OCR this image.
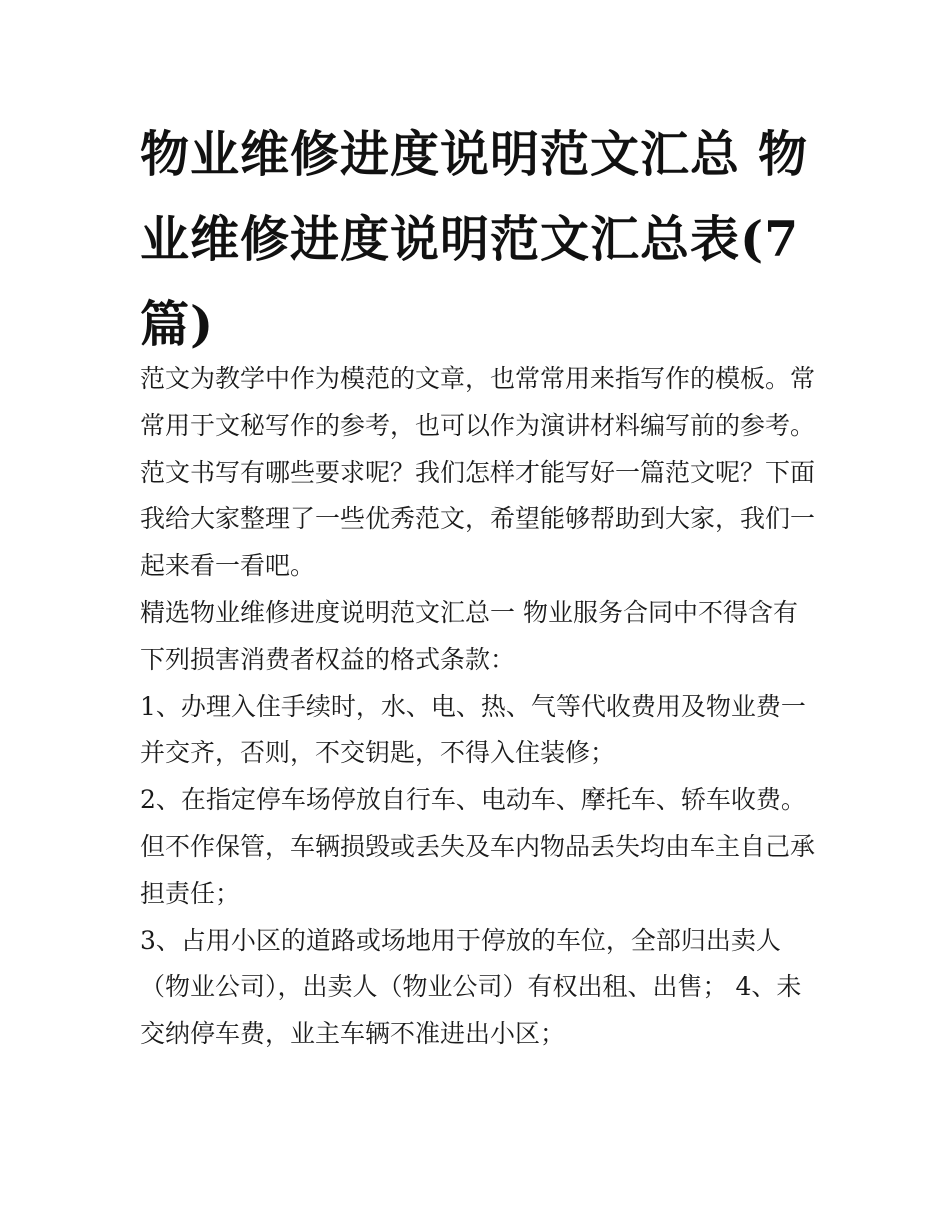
物业维修进度说明范文汇总 物
业维修进度说明范文汇总表(7
篇)

范文为教学中作为模范的文章，也常常用来指写作的模板。常
常用于文秘写作的参考，也可以作为演讲材料编写前的参考。
范文书写有哪些要求呢？我们怎样才能写好一篇范文呢？下面
我给大家整理了一些优秀范文，希望能够帮助到大家，我们一
起来看一看吧。

精选物业维修进度说明范文汇总一 物业服务合同中不得含有
下列损害消费者权益的格式条款：

1、办理入住手续时，水、电、热、气等代收费用及物业费一
并交齐，否则，不交钥匙，不得入住装修；

2、在指定停车场停放自行车、电动车、摩托车、轿车收费。
但不作保管，车辆损毁或丢失及车内物品丢失均由车主自己承
担责任；

3、占用小区的道路或场地用于停放的车位，全部归出卖人
（物业公司），出卖人（物业公司）有权出租、出售； 4、未
交纳停车费，业主车辆不准进出小区；
